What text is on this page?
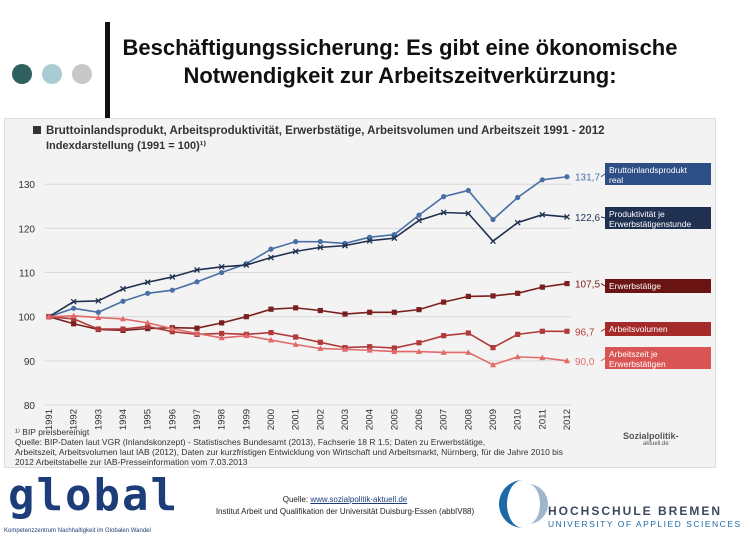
Beschäftigungssicherung: Es gibt eine ökonomische Notwendigkeit zur Arbeitszeitverkürzung:
Bruttoinlandsprodukt, Arbeitsproduktivität, Erwerbstätige, Arbeitsvolumen und Arbeitszeit 1991 - 2012
Indexdarstellung (1991 = 100)¹⁾
130
120
110
100
90
80
1991 1992 1993 1994 1995 1996 1997 1998 1999 2000 2001 2002 2003 2004 2005 2006 2007 2008 2009 2010 2011 2012
131,7
122,6
107,5
96,7
90,0
Bruttoinlandsprodukt
real
Produktivität je
Erwerbstätigenstunde
Erwerbstätige
Arbeitsvolumen
Arbeitszeit je
Erwerbstätigen
¹⁾ BIP preisbereinigt
Quelle: BIP-Daten laut VGR (Inlandskonzept) - Statistisches Bundesamt (2013), Fachserie 18 R 1.5; Daten zu Erwerbstätige,
Arbeitszeit, Arbeitsvolumen laut IAB (2012), Daten zur kurzfristigen Entwicklung von Wirtschaft und Arbeitsmarkt, Nürnberg, für die Jahre 2010 bis
2012 Arbeitstabelle zur IAB-Presseinformation vom 7.03.2013
Sozialpolitik-
aktuell.de
global
Kompetenzzentrum Nachhaltigkeit im Globalen Wandel
Quelle: www.sozialpolitik-aktuell.de
Institut Arbeit und Qualifikation der Universität Duisburg-Essen (abbIV88)	HOCHSCHULE BREMEN
UNIVERSITY OF APPLIED SCIENCES
